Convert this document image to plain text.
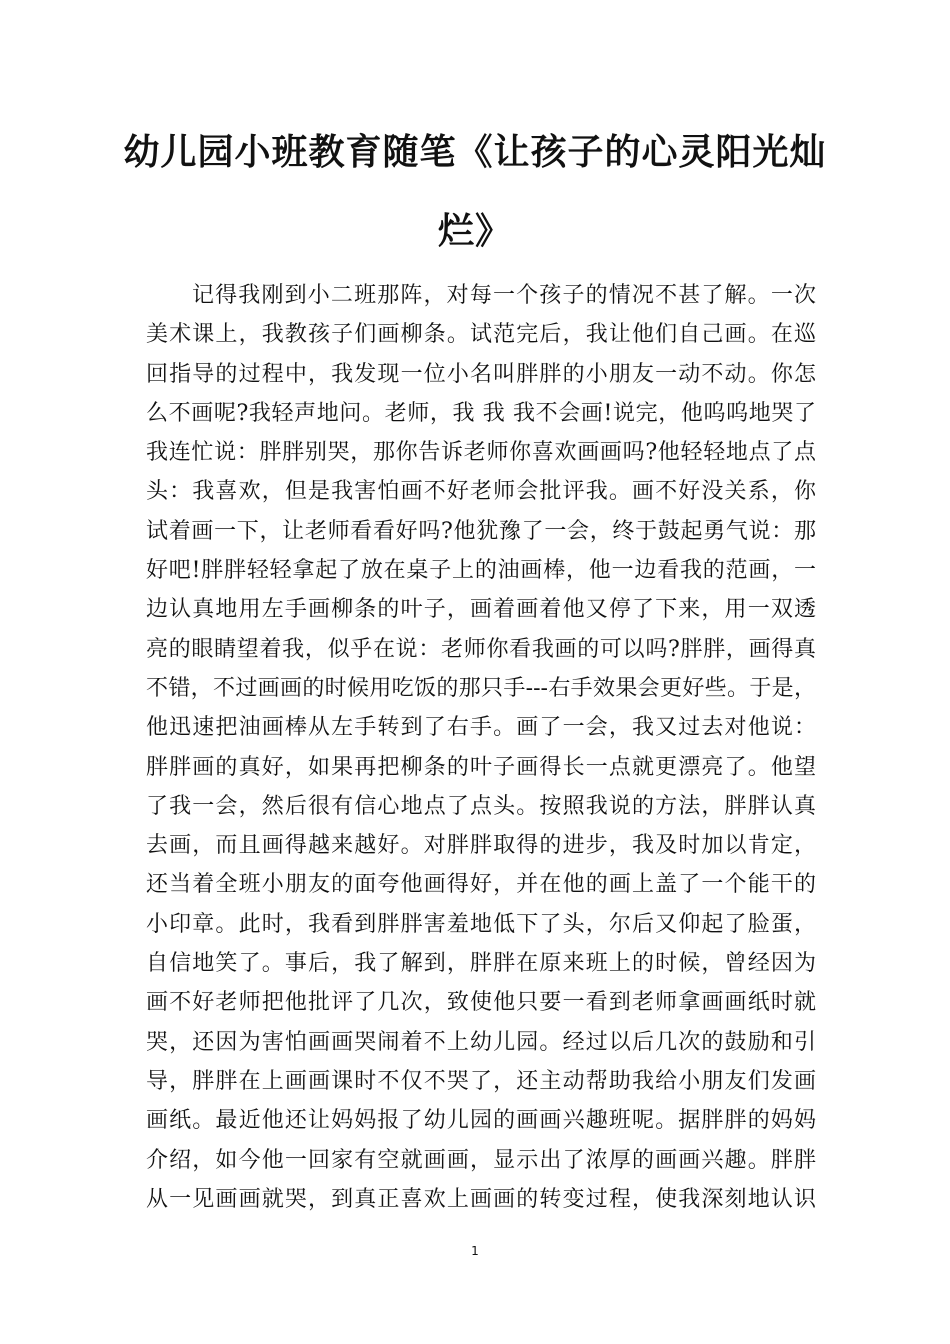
幼儿园小班教育随笔《让孩子的心灵阳光灿
烂》
记得我刚到小二班那阵，对每一个孩子的情况不甚了解。一次
美术课上，我教孩子们画柳条。试范完后，我让他们自己画。在巡
回指导的过程中，我发现一位小名叫胖胖的小朋友一动不动。你怎
么不画呢?我轻声地问。老师，我 我 我不会画!说完，他呜呜地哭了
我连忙说：胖胖别哭，那你告诉老师你喜欢画画吗?他轻轻地点了点
头：我喜欢，但是我害怕画不好老师会批评我。画不好没关系，你
试着画一下，让老师看看好吗?他犹豫了一会，终于鼓起勇气说：那
好吧!胖胖轻轻拿起了放在桌子上的油画棒，他一边看我的范画，一
边认真地用左手画柳条的叶子，画着画着他又停了下来，用一双透
亮的眼睛望着我，似乎在说：老师你看我画的可以吗?胖胖，画得真
不错，不过画画的时候用吃饭的那只手---右手效果会更好些。于是，
他迅速把油画棒从左手转到了右手。画了一会，我又过去对他说：
胖胖画的真好，如果再把柳条的叶子画得长一点就更漂亮了。他望
了我一会，然后很有信心地点了点头。按照我说的方法，胖胖认真
去画，而且画得越来越好。对胖胖取得的进步，我及时加以肯定，
还当着全班小朋友的面夸他画得好，并在他的画上盖了一个能干的
小印章。此时，我看到胖胖害羞地低下了头，尔后又仰起了脸蛋，
自信地笑了。事后，我了解到，胖胖在原来班上的时候，曾经因为
画不好老师把他批评了几次，致使他只要一看到老师拿画画纸时就
哭，还因为害怕画画哭闹着不上幼儿园。经过以后几次的鼓励和引
导，胖胖在上画画课时不仅不哭了，还主动帮助我给小朋友们发画
画纸。最近他还让妈妈报了幼儿园的画画兴趣班呢。据胖胖的妈妈
介绍，如今他一回家有空就画画，显示出了浓厚的画画兴趣。胖胖
从一见画画就哭，到真正喜欢上画画的转变过程，使我深刻地认识
1
